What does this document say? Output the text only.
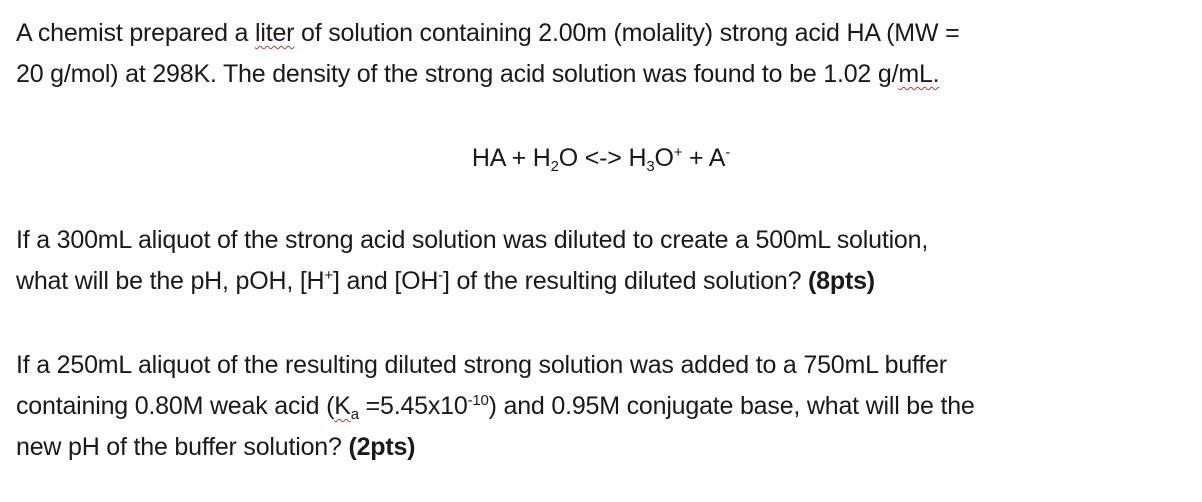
A chemist prepared a liter of solution containing 2.00m (molality) strong acid HA (MW =
20 g/mol) at 298K. The density of the strong acid solution was found to be 1.02 g/mL.
HA + $H_2O$ <-> $H_3O^+ + A^-$
If a 300mL aliquot of the strong acid solution was diluted to create a 500mL solution,
what will be the pH, pOH, [H+] and [OH-] of the resulting diluted solution? (8pts)
If a 250mL aliquot of the resulting diluted strong solution was added to a 750mL buffer
containing 0.80M weak acid $(K_a =5.45x10^{-10})$ and 0.95M conjugate base, what will be the
new pH of the buffer solution? (2pts)
